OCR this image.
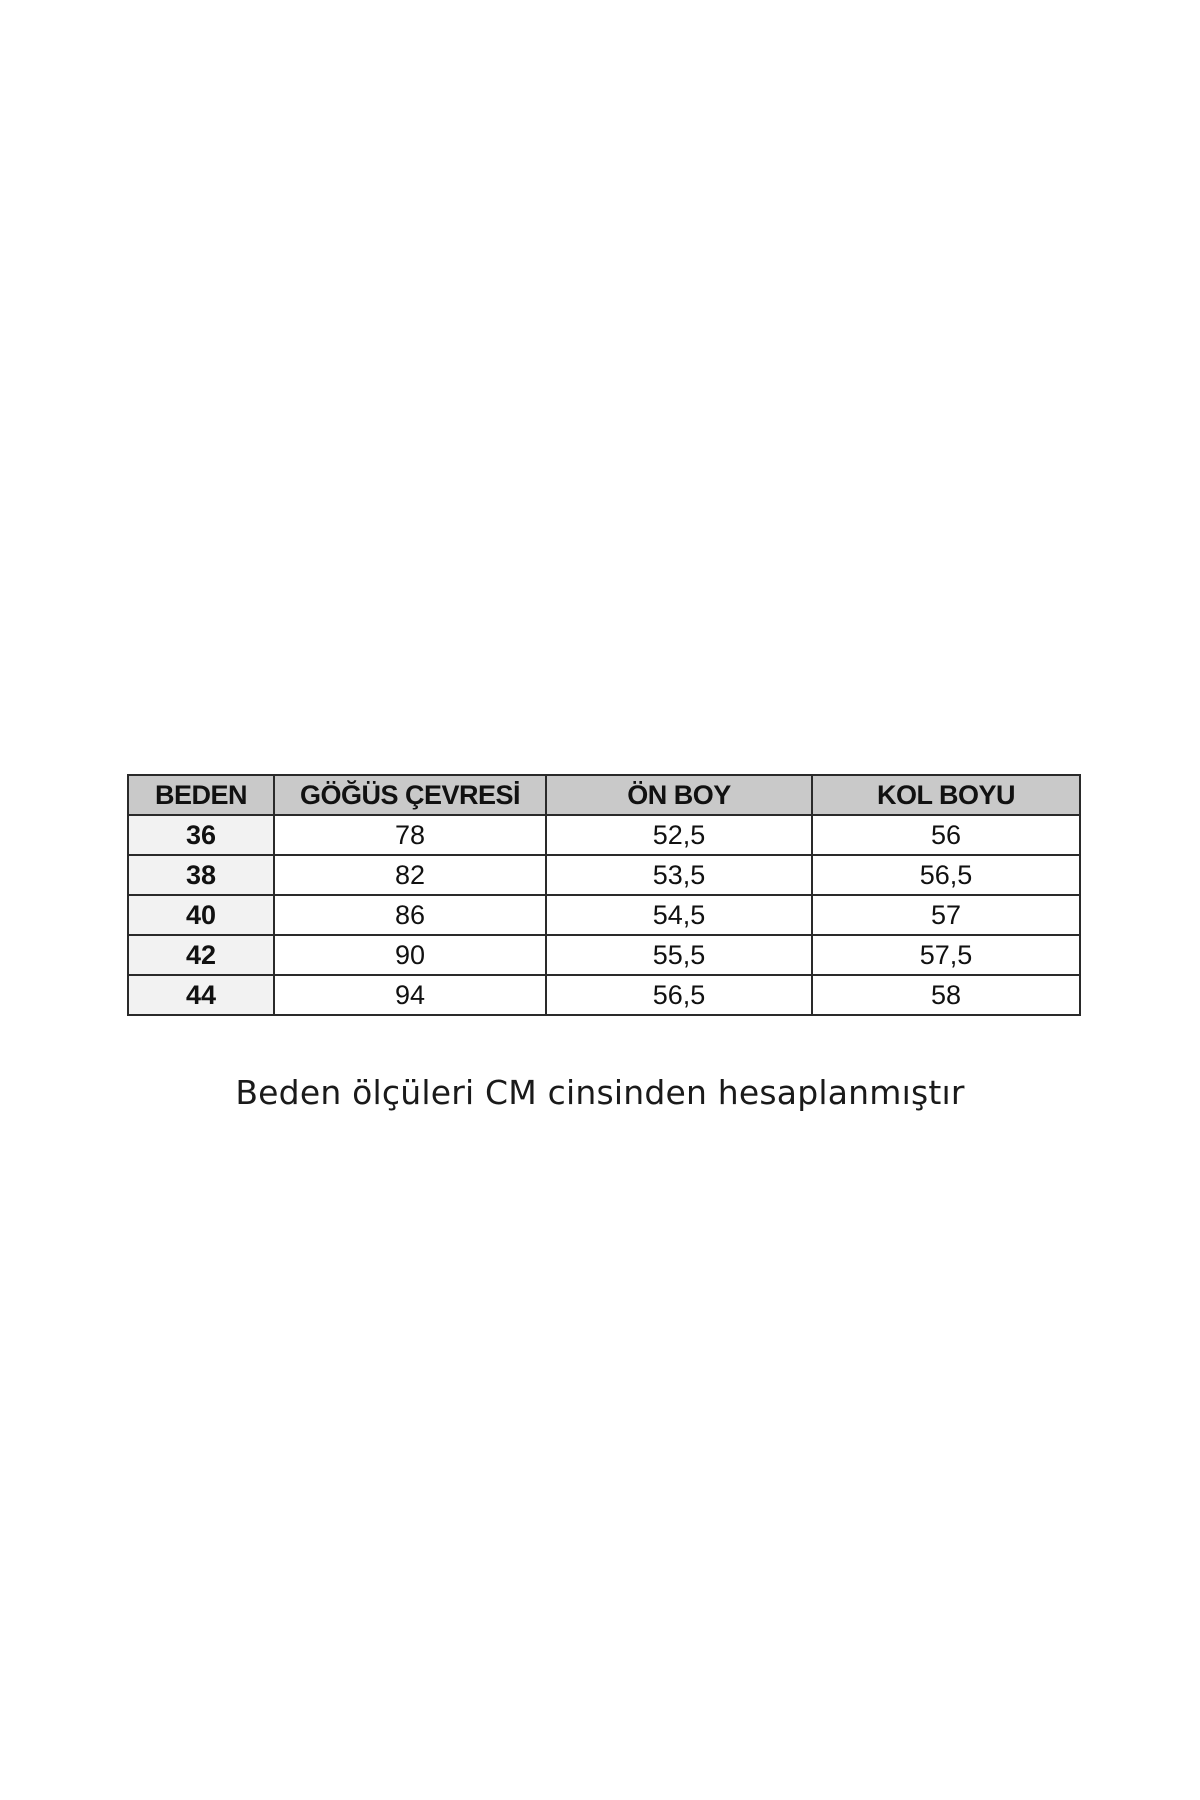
BEDEN	GÖĞÜS ÇEVRESİ	ÖN BOY	KOL BOYU
36	78	52,5	56
38	82	53,5	56,5
40	86	54,5	57
42	90	55,5	57,5
44	94	56,5	58
Beden ölçüleri CM cinsinden hesaplanmıştır
